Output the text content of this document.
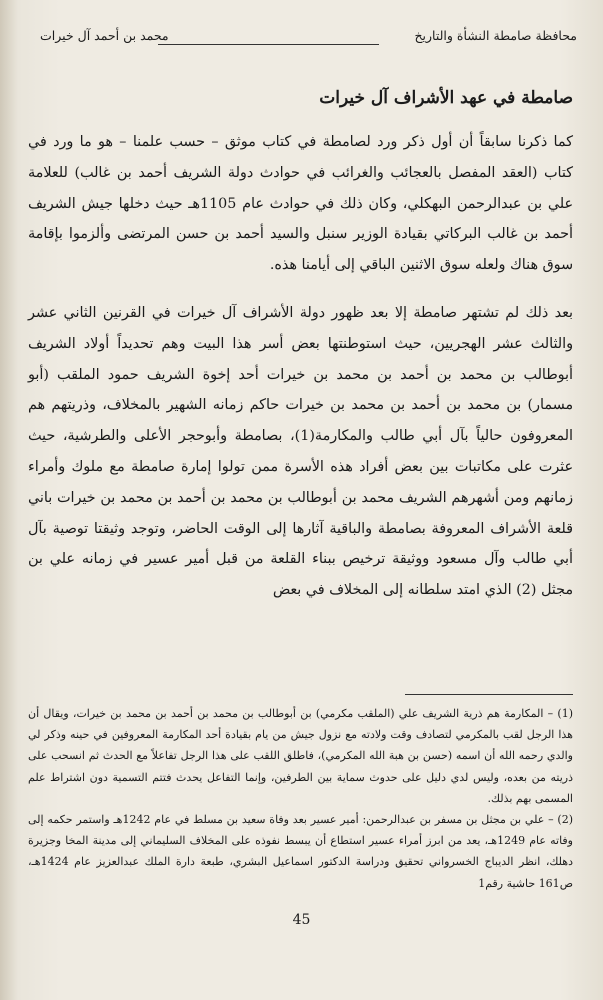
محافظة صامطة النشأة والتاريخ
محمد بن أحمد آل خيرات
صامطة في عهد الأشراف آل خيرات

كما ذكرنا سابقاً أن أول ذكر ورد لصامطة في كتاب موثق – حسب علمنا – هو ما ورد في كتاب (العقد المفصل بالعجائب والغرائب في حوادث دولة الشريف أحمد بن غالب) للعلامة علي بن عبدالرحمن البهكلي، وكان ذلك في حوادث عام 1105هـ حيث دخلها جيش الشريف أحمد بن غالب البركاتي بقيادة الوزير سنبل والسيد أحمد بن حسن المرتضى وألزموا بإقامة سوق هناك ولعله سوق الاثنين الباقي إلى أيامنا هذه.

بعد ذلك لم تشتهر صامطة إلا بعد ظهور دولة الأشراف آل خيرات في القرنين الثاني عشر والثالث عشر الهجريين، حيث استوطنتها بعض أسر هذا البيت وهم تحديداً أولاد الشريف أبوطالب بن محمد بن أحمد بن محمد بن خيرات أحد إخوة الشريف حمود الملقب (أبو مسمار) بن محمد بن أحمد بن محمد بن خيرات حاكم زمانه الشهير بالمخلاف، وذريتهم هم المعروفون حالياً بآل أبي طالب والمكارمة(1)، بصامطة وأبوحجر الأعلى والطرشية، حيث عثرت على مكاتبات بين بعض أفراد هذه الأسرة ممن تولوا إمارة صامطة مع ملوك وأمراء زمانهم ومن أشهرهم الشريف محمد بن أبوطالب بن محمد بن أحمد بن محمد بن خيرات باني قلعة الأشراف المعروفة بصامطة والباقية آثارها إلى الوقت الحاضر، وتوجد وثيقتا توصية بآل أبي طالب وآل مسعود ووثيقة ترخيص ببناء القلعة من قبل أمير عسير في زمانه علي بن مجثل (2) الذي امتد سلطانه إلى المخلاف في بعض

(1) – المكارمة هم ذرية الشريف علي (الملقب مكرمي) بن أبوطالب بن محمد بن أحمد بن محمد بن خيرات، ويقال أن هذا الرجل لقب بالمكرمي لتصادف وقت ولادته مع نزول جيش من يام بقيادة أحد المكارمة المعروفين في حينه وذكر لي والدي رحمه الله أن اسمه (حسن بن هبة الله المكرمي)، فاطلق اللقب على هذا الرجل تفاعلاً مع الحدث ثم انسحب على ذريته من بعده، وليس لدي دليل على حدوث سماية بين الطرفين، وإنما التفاعل يحدث فتتم التسمية دون اشتراط علم المسمى بهم بذلك.

(2) – علي بن مجثل بن مسفر بن عبدالرحمن: أمير عسير بعد وفاة سعيد بن مسلط في عام 1242هـ واستمر حكمه إلى وفاته عام 1249هـ، يعد من ابرز أمراء عسير استطاع أن يبسط نفوذه على المخلاف السليماني إلى مدينة المخا وجزيرة دهلك، انظر الديباج الخسرواني تحقيق ودراسة الدكتور اسماعيل البشري، طبعة دارة الملك عبدالعزيز عام 1424هـ، ص161 حاشية رقم1

45
